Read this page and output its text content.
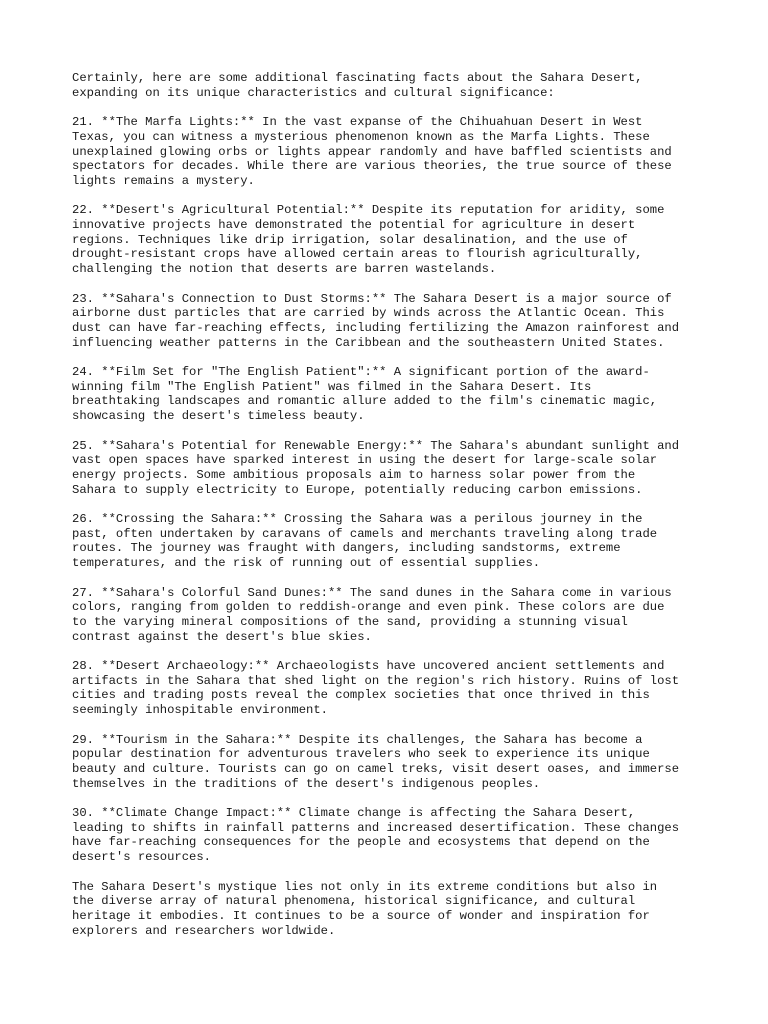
Certainly, here are some additional fascinating facts about the Sahara Desert,
expanding on its unique characteristics and cultural significance:

21. **The Marfa Lights:** In the vast expanse of the Chihuahuan Desert in West
Texas, you can witness a mysterious phenomenon known as the Marfa Lights. These
unexplained glowing orbs or lights appear randomly and have baffled scientists and
spectators for decades. While there are various theories, the true source of these
lights remains a mystery.

22. **Desert's Agricultural Potential:** Despite its reputation for aridity, some
innovative projects have demonstrated the potential for agriculture in desert
regions. Techniques like drip irrigation, solar desalination, and the use of
drought-resistant crops have allowed certain areas to flourish agriculturally,
challenging the notion that deserts are barren wastelands.

23. **Sahara's Connection to Dust Storms:** The Sahara Desert is a major source of
airborne dust particles that are carried by winds across the Atlantic Ocean. This
dust can have far-reaching effects, including fertilizing the Amazon rainforest and
influencing weather patterns in the Caribbean and the southeastern United States.

24. **Film Set for "The English Patient":** A significant portion of the award-
winning film "The English Patient" was filmed in the Sahara Desert. Its
breathtaking landscapes and romantic allure added to the film's cinematic magic,
showcasing the desert's timeless beauty.

25. **Sahara's Potential for Renewable Energy:** The Sahara's abundant sunlight and
vast open spaces have sparked interest in using the desert for large-scale solar
energy projects. Some ambitious proposals aim to harness solar power from the
Sahara to supply electricity to Europe, potentially reducing carbon emissions.

26. **Crossing the Sahara:** Crossing the Sahara was a perilous journey in the
past, often undertaken by caravans of camels and merchants traveling along trade
routes. The journey was fraught with dangers, including sandstorms, extreme
temperatures, and the risk of running out of essential supplies.

27. **Sahara's Colorful Sand Dunes:** The sand dunes in the Sahara come in various
colors, ranging from golden to reddish-orange and even pink. These colors are due
to the varying mineral compositions of the sand, providing a stunning visual
contrast against the desert's blue skies.

28. **Desert Archaeology:** Archaeologists have uncovered ancient settlements and
artifacts in the Sahara that shed light on the region's rich history. Ruins of lost
cities and trading posts reveal the complex societies that once thrived in this
seemingly inhospitable environment.

29. **Tourism in the Sahara:** Despite its challenges, the Sahara has become a
popular destination for adventurous travelers who seek to experience its unique
beauty and culture. Tourists can go on camel treks, visit desert oases, and immerse
themselves in the traditions of the desert's indigenous peoples.

30. **Climate Change Impact:** Climate change is affecting the Sahara Desert,
leading to shifts in rainfall patterns and increased desertification. These changes
have far-reaching consequences for the people and ecosystems that depend on the
desert's resources.

The Sahara Desert's mystique lies not only in its extreme conditions but also in
the diverse array of natural phenomena, historical significance, and cultural
heritage it embodies. It continues to be a source of wonder and inspiration for
explorers and researchers worldwide.
